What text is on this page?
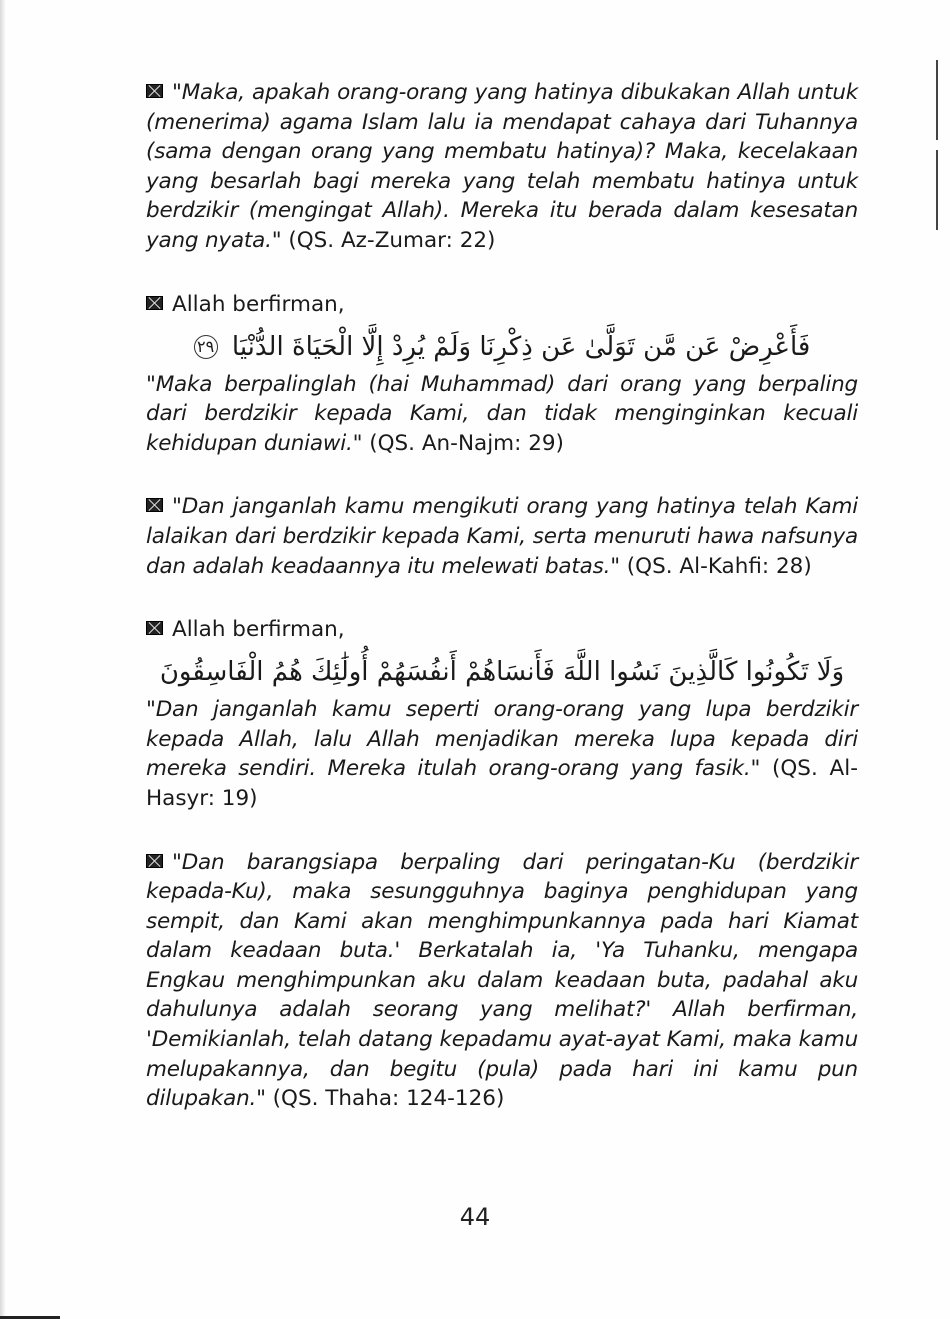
"Maka, apakah orang-orang yang hatinya dibukakan Allah untuk (menerima) agama Islam lalu ia mendapat cahaya dari Tuhannya (sama dengan orang yang membatu hatinya)? Maka, kecelakaan yang besarlah bagi mereka yang telah membatu hatinya untuk berdzikir (mengingat Allah). Mereka itu berada dalam kesesatan yang nyata." (QS. Az-Zumar: 22)

Allah berfirman,

فَأَعْرِضْ عَن مَّن تَوَلَّىٰ عَن ذِكْرِنَا وَلَمْ يُرِدْ إِلَّا الْحَيَاةَ الدُّنْيَا ٢٩

"Maka berpalinglah (hai Muhammad) dari orang yang berpaling dari berdzikir kepada Kami, dan tidak menginginkan kecuali kehidupan duniawi." (QS. An-Najm: 29)

"Dan janganlah kamu mengikuti orang yang hatinya telah Kami lalaikan dari berdzikir kepada Kami, serta menuruti hawa nafsunya dan adalah keadaannya itu melewati batas." (QS. Al-Kahfi: 28)

Allah berfirman,

وَلَا تَكُونُوا كَالَّذِينَ نَسُوا اللَّهَ فَأَنسَاهُمْ أَنفُسَهُمْ أُولَٰئِكَ هُمُ الْفَاسِقُونَ

"Dan janganlah kamu seperti orang-orang yang lupa berdzikir kepada Allah, lalu Allah menjadikan mereka lupa kepada diri mereka sendiri. Mereka itulah orang-orang yang fasik." (QS. Al-Hasyr: 19)

"Dan barangsiapa berpaling dari peringatan-Ku (berdzikir kepada-Ku), maka sesungguhnya baginya penghidupan yang sempit, dan Kami akan menghimpunkannya pada hari Kiamat dalam keadaan buta.' Berkatalah ia, 'Ya Tuhanku, mengapa Engkau menghimpunkan aku dalam keadaan buta, padahal aku dahulunya adalah seorang yang melihat?' Allah berfirman, 'Demikianlah, telah datang kepadamu ayat-ayat Kami, maka kamu melupakannya, dan begitu (pula) pada hari ini kamu pun dilupakan." (QS. Thaha: 124-126)

44
